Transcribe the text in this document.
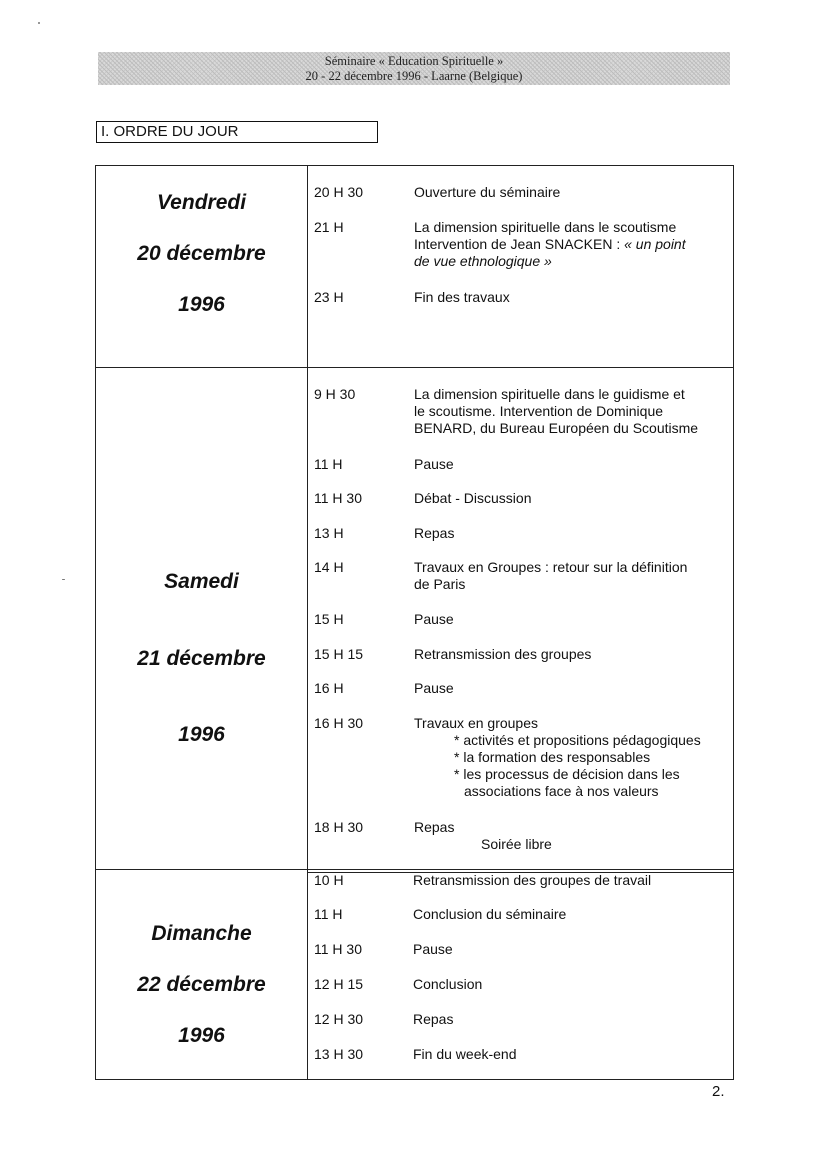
Séminaire « Education Spirituelle »
20 - 22 décembre 1996 - Laarne (Belgique)
I. ORDRE DU JOUR
Vendredi
20 décembre
1996
20 H 30	Ouverture du séminaire
21 H	La dimension spirituelle dans le scoutisme
Intervention de Jean SNACKEN : « un point
de vue ethnologique »
23 H	Fin des travaux
Samedi
21 décembre
1996
9 H 30	La dimension spirituelle dans le guidisme et
le scoutisme. Intervention de Dominique
BENARD, du Bureau Européen du Scoutisme
11 H	Pause
11 H 30	Débat - Discussion
13 H	Repas
14 H	Travaux en Groupes : retour sur la définition
de Paris
15 H	Pause
15 H 15	Retransmission des groupes
16 H	Pause
16 H 30	Travaux en groupes
* activités et propositions pédagogiques
* la formation des responsables
* les processus de décision dans les
associations face à nos valeurs
18 H 30	Repas
Soirée libre
Dimanche
22 décembre
1996
10 H	Retransmission des groupes de travail
11 H	Conclusion du séminaire
11 H 30	Pause
12 H 15	Conclusion
12 H 30	Repas
13 H 30	Fin du week-end
2.
